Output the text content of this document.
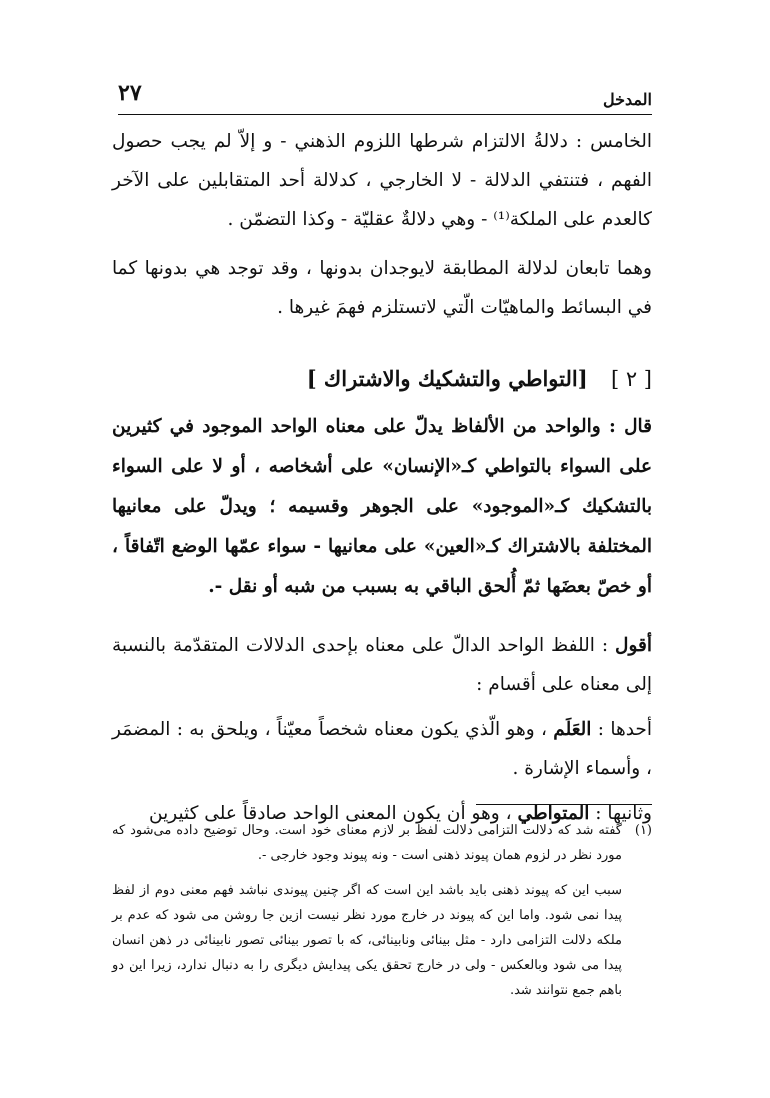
المدخل
٢٧

الخامس : دلالةُ الالتزام شرطها اللزوم الذهني - و إلاّ لم يجب حصول الفهم ، فتنتفي الدلالة - لا الخارجي ، كدلالة أحد المتقابلين على الآخر كالعدم على الملكة⁽¹⁾ - وهي دلالةٌ عقليّة - وكذا التضمّن .

وهما تابعان لدلالة المطابقة لايوجدان بدونها ، وقد توجد هي بدونها كما في البسائط والماهيّات الّتي لاتستلزم فهمَ غيرها .

[ ٢ ] [التواطي والتشكيك والاشتراك ]

قال : والواحد من الألفاظ يدلّ على معناه الواحد الموجود في كثيرين على السواء بالتواطي كـ«الإنسان» على أشخاصه ، أو لا على السواء بالتشكيك كـ«الموجود» على الجوهر وقسيمه ؛ ويدلّ على معانيها المختلفة بالاشتراك كـ«العين» على معانيها - سواء عمّها الوضع اتّفاقاً ، أو خصّ بعضَها ثمّ أُلحق الباقي به بسبب من شبه أو نقل -.

أقول : اللفظ الواحد الدالّ على معناه بإحدى الدلالات المتقدّمة بالنسبة إلى معناه على أقسام :

أحدها : العَلَم ، وهو الّذي يكون معناه شخصاً معيّناً ، ويلحق به : المضمَر ، وأسماء الإشارة .

وثانيها : المتواطي ، وهو أن يكون المعنى الواحد صادقاً على كثيرين

(١)
گفته شد که دلالت التزامی دلالت لفظ بر لازم معنای خود است. وحال توضیح داده می‌شود که مورد نظر در لزوم همان پیوند ذهنی است - ونه پیوند وجود خارجی -.

سبب این که پیوند ذهنی باید باشد این است که اگر چنین پیوندی نباشد فهم معنی دوم از لفظ پیدا نمی شود. واما این که پیوند در خارج مورد نظر نیست ازین جا روشن می شود که عدم بر ملکه دلالت التزامی دارد - مثل بینائی ونابینائی، که با تصور بینائی تصور نابینائی در ذهن انسان پیدا می شود وبالعکس - ولی در خارج تحقق یکی پیدایش دیگری را به دنبال ندارد، زیرا این دو باهم جمع نتوانند شد.
